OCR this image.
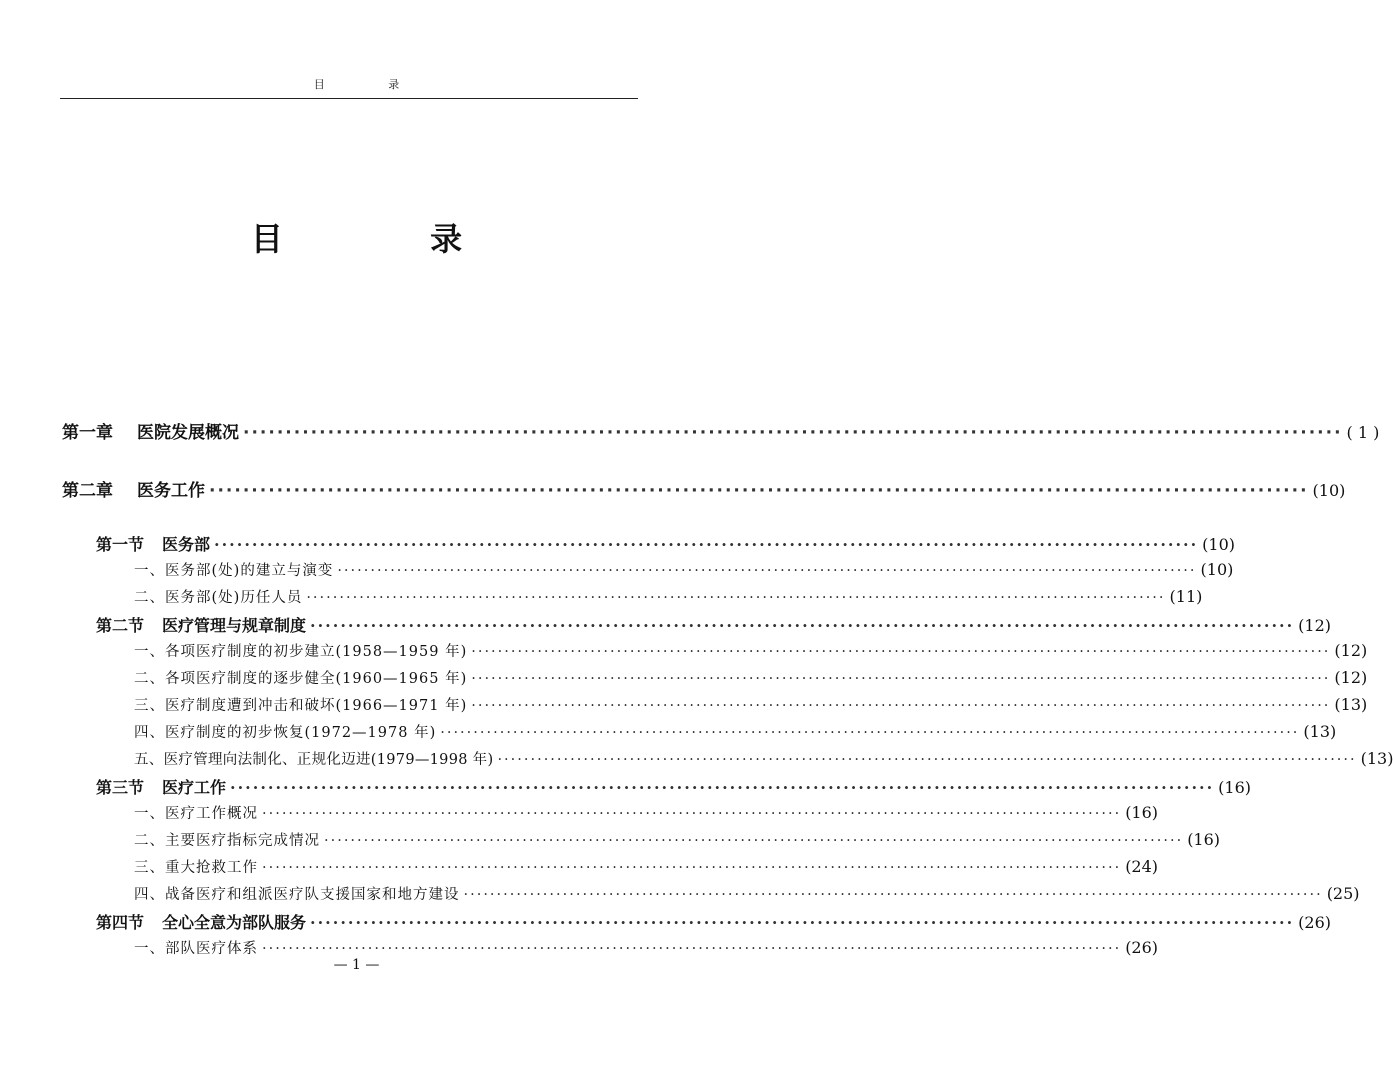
目 录
目 录
第一章 医院发展概况 ·································································································································· ( 1 )
第二章 医务工作 ·································································································································· (10)
第一节 医务部 ·································································································································· (10)
一、医务部(处)的建立与演变 ·································································································································· (10)
二、医务部(处)历任人员 ·································································································································· (11)
第二节 医疗管理与规章制度 ·································································································································· (12)
一、各项医疗制度的初步建立(1958—1959 年) ·································································································································· (12)
二、各项医疗制度的逐步健全(1960—1965 年) ·································································································································· (12)
三、医疗制度遭到冲击和破坏(1966—1971 年) ·································································································································· (13)
四、医疗制度的初步恢复(1972—1978 年) ·································································································································· (13)
五、医疗管理向法制化、正规化迈进(1979—1998 年) ·································································································································· (13)
第三节 医疗工作 ·································································································································· (16)
一、医疗工作概况 ·································································································································· (16)
二、主要医疗指标完成情况 ·································································································································· (16)
三、重大抢救工作 ·································································································································· (24)
四、战备医疗和组派医疗队支援国家和地方建设 ·································································································································· (25)
第四节 全心全意为部队服务 ·································································································································· (26)
一、部队医疗体系 ·································································································································· (26)
— 1 —
